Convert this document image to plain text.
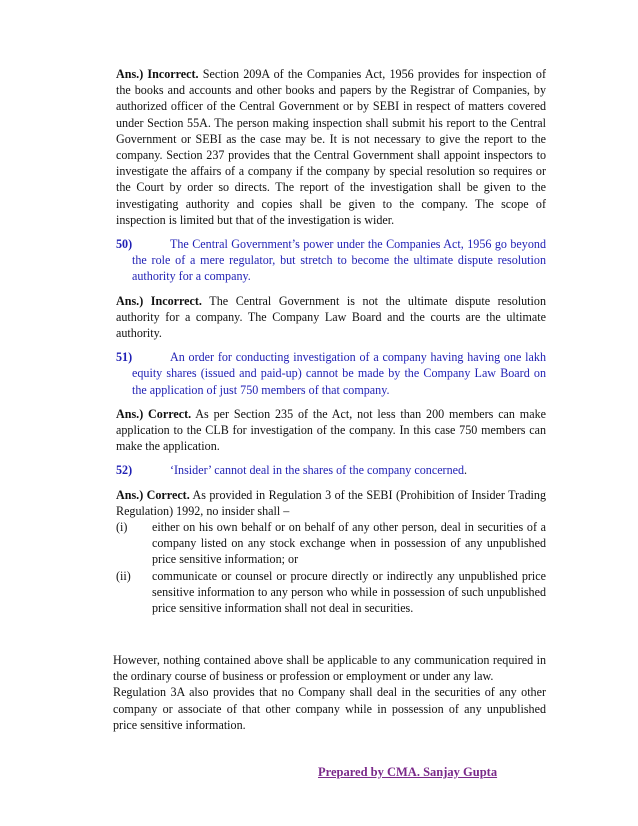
Ans.) Incorrect. Section 209A of the Companies Act, 1956 provides for inspection of the books and accounts and other books and papers by the Registrar of Companies, by authorized officer of the Central Government or by SEBI in respect of matters covered under Section 55A. The person making inspection shall submit his report to the Central Government or SEBI as the case may be. It is not necessary to give the report to the company. Section 237 provides that the Central Government shall appoint inspectors to investigate the affairs of a company if the company by special resolution so requires or the Court by order so directs. The report of the investigation shall be given to the investigating authority and copies shall be given to the company. The scope of inspection is limited but that of the investigation is wider.

50)	The Central Government’s power under the Companies Act, 1956 go beyond the role of a mere regulator, but stretch to become the ultimate dispute resolution authority for a company.

Ans.) Incorrect. The Central Government is not the ultimate dispute resolution authority for a company. The Company Law Board and the courts are the ultimate authority.

51)	An order for conducting investigation of a company having having one lakh equity shares (issued and paid-up) cannot be made by the Company Law Board on the application of just 750 members of that company.

Ans.) Correct. As per Section 235 of the Act, not less than 200 members can make application to the CLB for investigation of the company. In this case 750 members can make the application.

52)	‘Insider’ cannot deal in the shares of the company concerned.

Ans.) Correct. As provided in Regulation 3 of the SEBI (Prohibition of Insider Trading Regulation) 1992, no insider shall –

(i)	either on his own behalf or on behalf of any other person, deal in securities of a company listed on any stock exchange when in possession of any unpublished price sensitive information; or
(ii)	communicate or counsel or procure directly or indirectly any unpublished price sensitive information to any person who while in possession of such unpublished price sensitive information shall not deal in securities.

However, nothing contained above shall be applicable to any communication required in the ordinary course of business or profession or employment or under any law.

Regulation 3A also provides that no Company shall deal in the securities of any other company or associate of that other company while in possession of any unpublished price sensitive information.

Prepared by CMA. Sanjay Gupta
